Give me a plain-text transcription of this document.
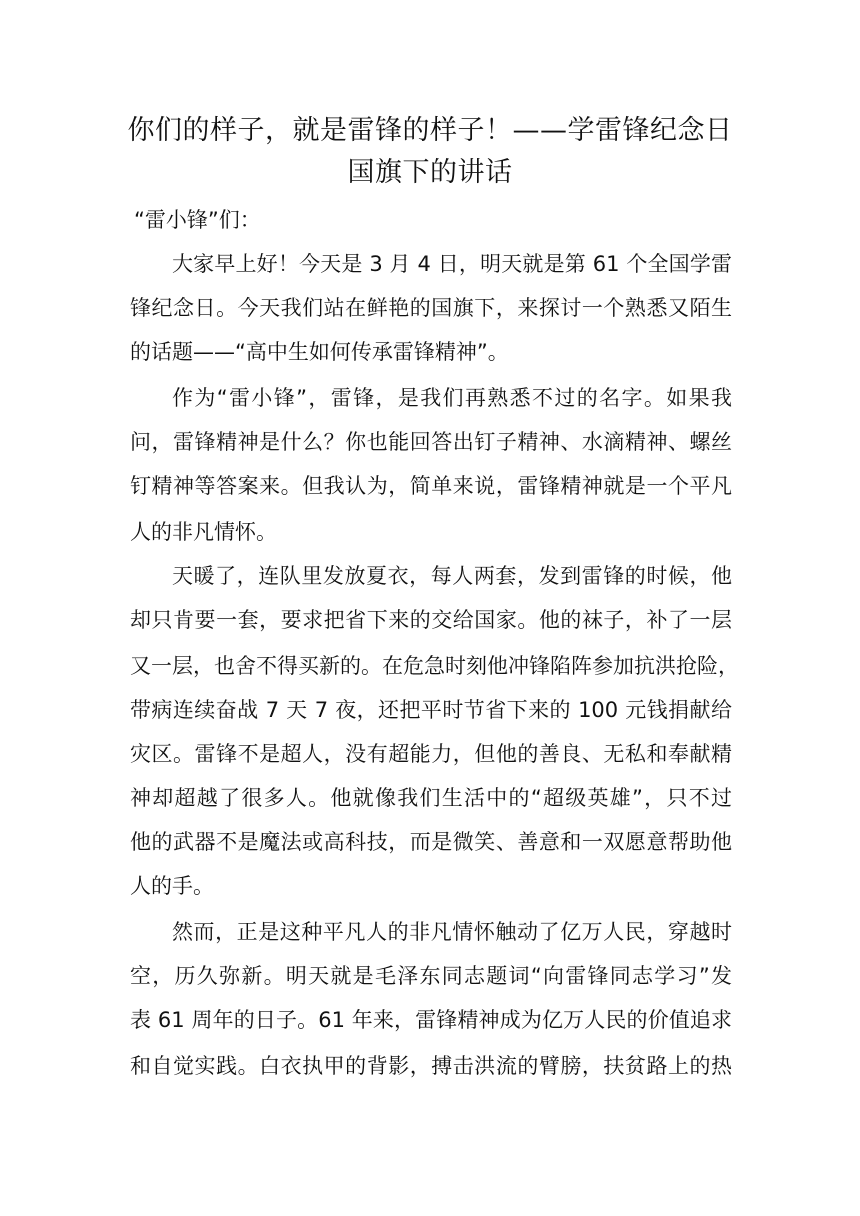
你们的样子，就是雷锋的样子！——学雷锋纪念日
国旗下的讲话

“雷小锋”们：

大家早上好！今天是 3 月 4 日，明天就是第 61 个全国学雷

锋纪念日。今天我们站在鲜艳的国旗下，来探讨一个熟悉又陌生

的话题——“高中生如何传承雷锋精神”。

作为“雷小锋”，雷锋，是我们再熟悉不过的名字。如果我

问，雷锋精神是什么？你也能回答出钉子精神、水滴精神、螺丝

钉精神等答案来。但我认为，简单来说，雷锋精神就是一个平凡

人的非凡情怀。

天暖了，连队里发放夏衣，每人两套，发到雷锋的时候，他

却只肯要一套，要求把省下来的交给国家。他的袜子，补了一层

又一层，也舍不得买新的。在危急时刻他冲锋陷阵参加抗洪抢险，

带病连续奋战 7 天 7 夜，还把平时节省下来的 100 元钱捐献给

灾区。雷锋不是超人，没有超能力，但他的善良、无私和奉献精

神却超越了很多人。他就像我们生活中的“超级英雄”，只不过

他的武器不是魔法或高科技，而是微笑、善意和一双愿意帮助他

人的手。

然而，正是这种平凡人的非凡情怀触动了亿万人民，穿越时

空，历久弥新。明天就是毛泽东同志题词“向雷锋同志学习”发

表 61 周年的日子。61 年来，雷锋精神成为亿万人民的价值追求

和自觉实践。白衣执甲的背影，搏击洪流的臂膀，扶贫路上的热
